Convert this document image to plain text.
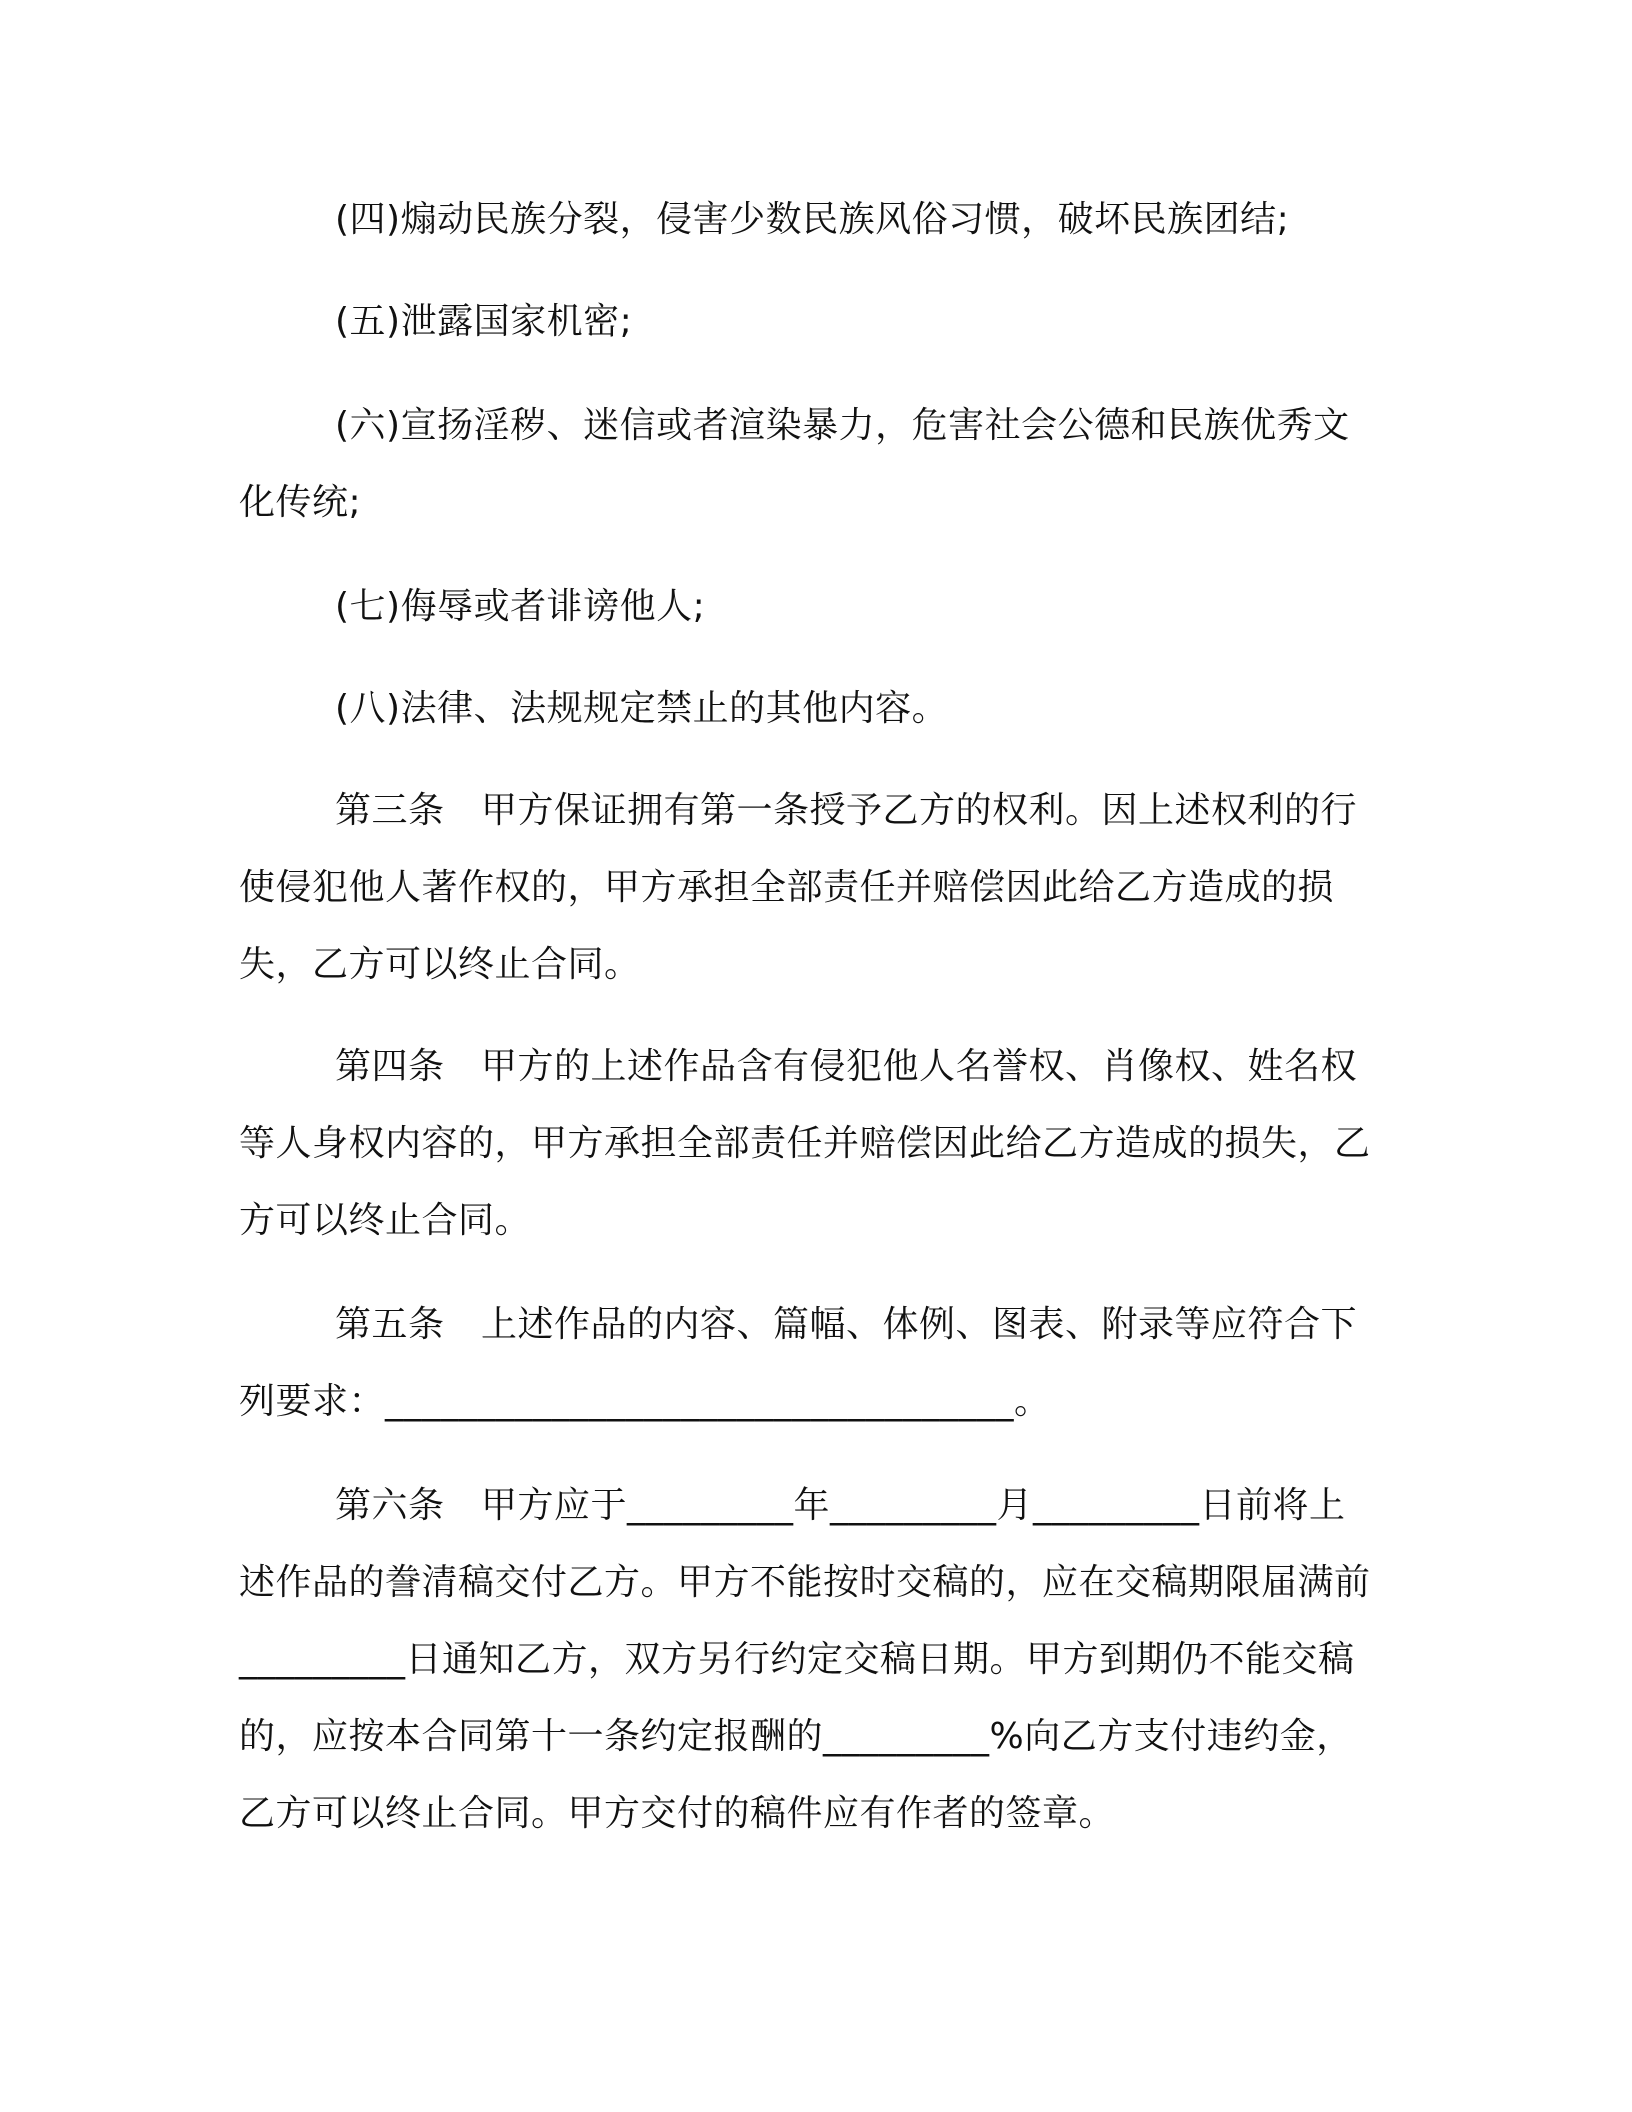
(四)煽动民族分裂，侵害少数民族风俗习惯，破坏民族团结;

(五)泄露国家机密;

(六)宣扬淫秽、迷信或者渲染暴力，危害社会公德和民族优秀文化传统;

(七)侮辱或者诽谤他人;

(八)法律、法规规定禁止的其他内容。

第三条　甲方保证拥有第一条授予乙方的权利。因上述权利的行使侵犯他人著作权的，甲方承担全部责任并赔偿因此给乙方造成的损失，乙方可以终止合同。

第四条　甲方的上述作品含有侵犯他人名誉权、肖像权、姓名权等人身权内容的，甲方承担全部责任并赔偿因此给乙方造成的损失，乙方可以终止合同。

第五条　上述作品的内容、篇幅、体例、图表、附录等应符合下列要求：__________________________________。

第六条　甲方应于_________年_________月_________日前将上述作品的誊清稿交付乙方。甲方不能按时交稿的，应在交稿期限届满前_________日通知乙方，双方另行约定交稿日期。甲方到期仍不能交稿的，应按本合同第十一条约定报酬的_________%向乙方支付违约金，乙方可以终止合同。甲方交付的稿件应有作者的签章。
